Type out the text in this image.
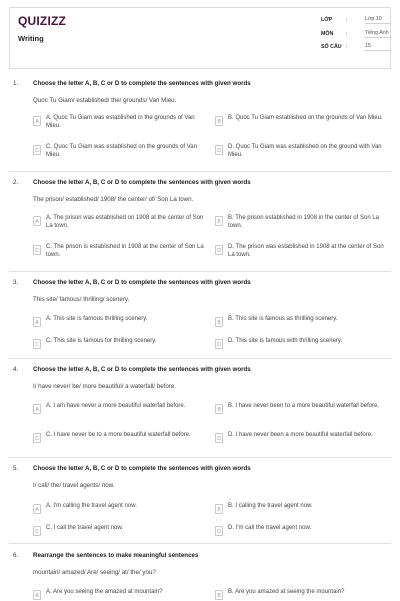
QUIZIZZ
Writing
LỚP	:	Lớp 10
MÔN :	Tiếng Anh
SỐ CÂU :	15
1. Choose the letter A, B, C or D to complete the sentences with given words
Quoc Tu Giam/ established/ the/ grounds/ Van Mieu.
A
A. Quoc Tu Giam was established in the grounds of Van Mieu.
B
B. Quoc Tu Giam established on the grounds of Van Mieu.
C
C. Quoc Tu Giam was established on the grounds of Van Mieu.
D
D. Quoc Tu Giam was established on the ground with Van Mieu.
2. Choose the letter A, B, C or D to complete the sentences with given words
The prison/ established/ 1908/ the center/ of/ Son La town.
A
A. The prison was established on 1908 at the center of Son La town.
B
B. The prison established in 1908 in the center of Son La town.
C
C. The prison is established in 1908 at the center of Son La town.
D
D. The prison was established in 1908 at the center of Son La town.
3. Choose the letter A, B, C or D to complete the sentences with given words
This site/ famous/ thrilling/ scenery.
A
A. This site is famous thrilling scenery.
B
B. This site is famous as thrilling scenery.
C
C. This site is famous for thrilling scenery.
D
D. This site is famous with thrilling scenery.
4. Choose the letter A, B, C or D to complete the sentences with given words
I/ have never/ be/ more beautiful/ a waterfall/ before.
A
A. I am have never a more beautiful waterfall before.
B
B. I have never been to a more beautiful waterfall before.
C
C. I have never be to a more beautiful waterfall before.
D
D. I have never been a more beautiful waterfall before.
5. Choose the letter A, B, C or D to complete the sentences with given words
I/ call/ the/ travel agents/ now.
A
A. I'm calling the travel agent now.
B
B. I calling the travel agent now.
C
C. I call the travel agent now.
D
D. I'm call the travel agent now.
6. Rearrange the sentences to make meaningful sentences
mountain/ amazed/ Are/ seeing/ at/ the/ you?
A
A. Are you seeing the amazed at mountain?
B
B. Are you amazed at seeing the mountain?
